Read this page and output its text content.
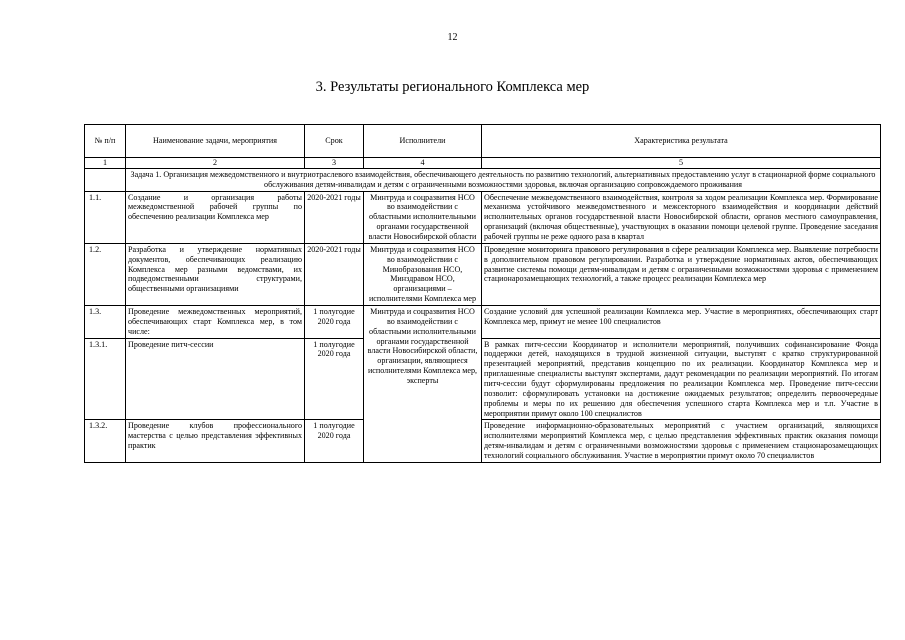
12
3. Результаты регионального Комплекса мер
№ п/п	Наименование задачи, мероприятия	Срок	Исполнители	Характеристика результата
1	2	3	4	5
	Задача 1. Организация межведомственного и внутриотраслевого взаимодействия, обеспечивающего деятельность по развитию технологий, альтернативных предоставлению услуг в стационарной форме социального обслуживания детям-инвалидам и детям с ограниченными возможностями здоровья, включая организацию сопровождаемого проживания			
1.1.	Создание и организация работы межведомственной рабочей группы по обеспечению реализации Комплекса мер	2020-2021 годы	Минтруда и соцразвития НСО во взаимодействии с областными исполнительными органами государственной власти Новосибирской области	Обеспечение межведомственного взаимодействия, контроля за ходом реализации Комплекса мер. Формирование механизма устойчивого межведомственного и межсекторного взаимодействия и координации действий исполнительных органов государственной власти Новосибирской области, органов местного самоуправления, организаций (включая общественные), участвующих в оказании помощи целевой группе. Проведение заседания рабочей группы не реже одного раза в квартал
1.2.	Разработка и утверждение нормативных документов, обеспечивающих реализацию Комплекса мер разными ведомствами, их подведомственными структурами, общественными организациями	2020-2021 годы	Минтруда и соцразвития НСО во взаимодействии с Минобразования НСО, Минздравом НСО, организациями – исполнителями Комплекса мер	Проведение мониторинга правового регулирования в сфере реализации Комплекса мер. Выявление потребности в дополнительном правовом регулировании. Разработка и утверждение нормативных актов, обеспечивающих развитие системы помощи детям-инвалидам и детям с ограниченными возможностями здоровья с применением стационарозамещающих технологий, а также процесс реализации Комплекса мер
1.3.	Проведение межведомственных мероприятий, обеспечивающих старт Комплекса мер, в том числе:	1 полугодие 2020 года	Минтруда и соцразвития НСО во взаимодействии с областными исполнительными органами государственной власти Новосибирской области, организации, являющиеся исполнителями Комплекса мер, эксперты	Создание условий для успешной реализации Комплекса мер. Участие в мероприятиях, обеспечивающих старт Комплекса мер, примут не менее 100 специалистов
1.3.1.	Проведение питч-сессии	1 полугодие 2020 года		В рамках питч-сессии Координатор и исполнители мероприятий, получивших софинансирование Фонда поддержки детей, находящихся в трудной жизненной ситуации, выступят с кратко структурированной презентацией мероприятий, представив концепцию по их реализации. Координатор Комплекса мер и приглашенные специалисты выступят экспертами, дадут рекомендации по реализации мероприятий. По итогам питч-сессии будут сформулированы предложения по реализации Комплекса мер. Проведение питч-сессии позволит: сформулировать установки на достижение ожидаемых результатов; определить первоочередные проблемы и меры по их решению для обеспечения успешного старта Комплекса мер и т.п. Участие в мероприятии примут около 100 специалистов
1.3.2.	Проведение клубов профессионального мастерства с целью представления эффективных практик	1 полугодие 2020 года		Проведение информационно-образовательных мероприятий с участием организаций, являющихся исполнителями мероприятий Комплекса мер, с целью представления эффективных практик оказания помощи детям-инвалидам и детям с ограниченными возможностями здоровья с применением стационарозамещающих технологий социального обслуживания. Участие в мероприятии примут около 70 специалистов
